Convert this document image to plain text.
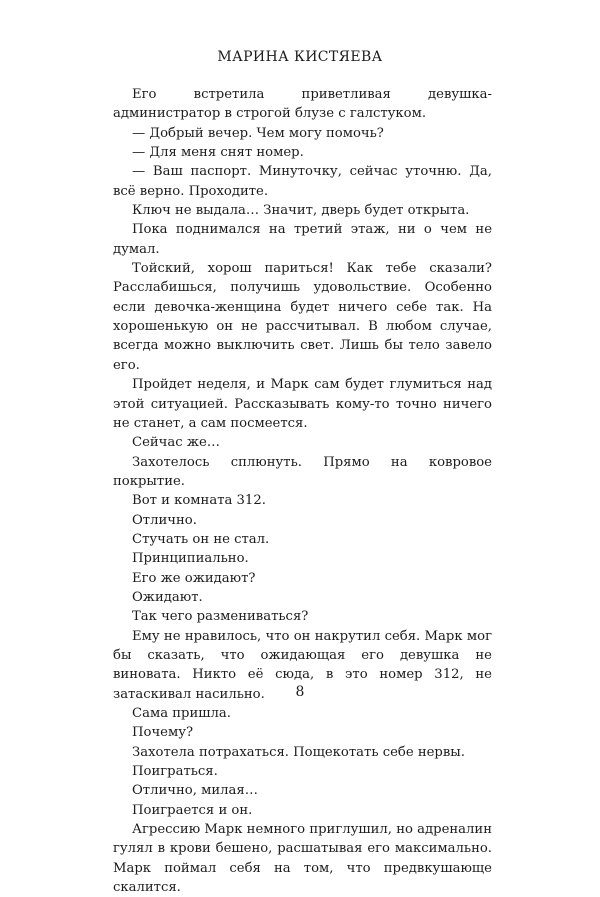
МАРИНА КИСТЯЕВА

Его встретила приветливая девушка-администратор в строгой блузе с галстуком.

— Добрый вечер. Чем могу помочь?

— Для меня снят номер.

— Ваш паспорт. Минуточку, сейчас уточню. Да, всё верно. Проходите.

Ключ не выдала… Значит, дверь будет открыта.

Пока поднимался на третий этаж, ни о чем не думал.

Тойский, хорош париться! Как тебе сказали? Расслабишься, получишь удовольствие. Особенно если девочка-женщина будет ничего себе так. На хорошенькую он не рассчитывал. В любом случае, всегда можно выключить свет. Лишь бы тело завело его.

Пройдет неделя, и Марк сам будет глумиться над этой ситуацией. Рассказывать кому-то точно ничего не станет, а сам посмеется.

Сейчас же…

Захотелось сплюнуть. Прямо на ковровое покрытие.

Вот и комната 312.

Отлично.

Стучать он не стал.

Принципиально.

Его же ожидают?

Ожидают.

Так чего размениваться?

Ему не нравилось, что он накрутил себя. Марк мог бы сказать, что ожидающая его девушка не виновата. Никто её сюда, в это номер 312, не затаскивал насильно.

Сама пришла.

Почему?

Захотела потрахаться. Пощекотать себе нервы.

Поиграться.

Отлично, милая…

Поиграется и он.

Агрессию Марк немного приглушил, но адреналин гулял в крови бешено, расшатывая его максимально. Марк поймал себя на том, что предвкушающе скалится.

8
